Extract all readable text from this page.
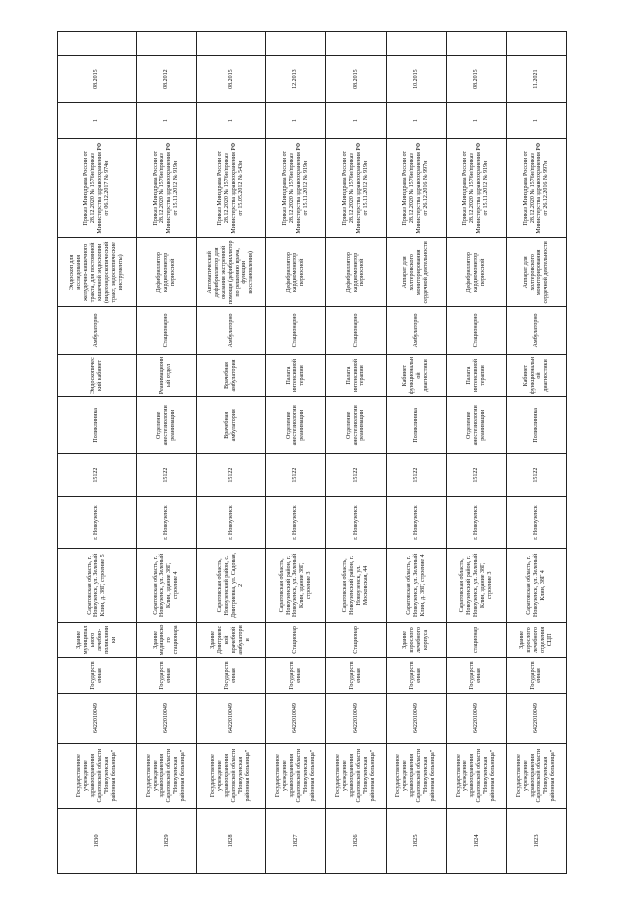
1830	Государственное учреждение здравоохранения Саратовской области "Новоузенская районная больница"	6422010049	Государственная	Здание муниципального лечебно-поликлиники	Саратовская область, г. Новоузенск, ул. Зеленый Клин, д. 38Г, строение 5	г. Новоузенск	15122	Поликлиника	Эндоскопический кабинет	Амбулаторно	Эндоскоп для исследования желудочно-кишечного тракта, для постоянной кишечной эндоскопии (видеоэндоскопический тракт, эндоскопические инструменты)	Приказ Минздрава России от 28.12.2020 № 1576н/приказ Министерства здравоохранения РФ от 06.12.2017 № 974н	1	08.2015	
1829	Государственное учреждение здравоохранения Саратовской области "Новоузенская районная больница"	6422010049	Государственная	Здание медицинского стационара	Саратовская область, г. Новоузенск, ул. Зеленый Клин, здание 38Г, строение 4	г. Новоузенск	15122	Отделение анестезиологии реанимации	Реанимационный отдел	Стационарно	Дефибриллятор кардиомонитор перносной	Приказ Минздрава России от 28.12.2020 № 1576н/приказ Министерства здравоохранения РФ от 15.11.2012 № 919н	1	08.2012	
1828	Государственное учреждение здравоохранения Саратовской области "Новоузенская районная больница"	6422010049	Государственная	Здание Дмитриевской врачебной амбулатории	Саратовская область, Новоузенский район, с. Дмитриевка, ул. Садовая, 2	г. Новоузенск	15122	Врачебная амбулатория	Врачебная амбулатория	Амбулаторно	Автоматический дефибриллятор для оказания экстренной помощи (дефибриллятор по решению врача, функции восстановления)	Приказ Минздрава России от 28.12.2020 № 1576н/приказ Министерства здравоохранения РФ от 15.05.2012 № 543н	1	08.2015	
1827	Государственное учреждение здравоохранения Саратовской области "Новоузенская районная больница"	6422010049	Государственная	Стационар	Саратовская область, Новоузенский район, г. Новоузенск, ул. Зеленый Клин, здание 38Г, строение 3	г. Новоузенск	15122	Отделение анестезиологии реанимации	Палата интенсивной терапии	Стационарно	Дефибриллятор кардиомонитор перносной	Приказ Минздрава России от 28.12.2020 № 1576н/приказ Министерства здравоохранения РФ от 15.11.2012 № 919н	1	12.2013	
1826	Государственное учреждение здравоохранения Саратовской области "Новоузенская районная больница"	6422010049	Государственная	Стационар	Саратовская область, Новоузенский район, г. Новоузенск, ул. Московская, 44	г. Новоузенск	15122	Отделение анестезиологии реанимации	Палата интенсивной терапии	Стационарно	Дефибриллятор кардиомонитор перносной	Приказ Минздрава России от 28.12.2020 № 1576н/приказ Министерства здравоохранения РФ от 15.11.2012 № 919н	1	08.2015	
1825	Государственное учреждение здравоохранения Саратовской области "Новоузенская районная больница"	6422010049	Государственная	Здание взрослого лечебного корпуса	Саратовская область, г. Новоузенск, ул. Зеленый Клин, д. 38Г, строение 4	г. Новоузенск	15122	Поликлиника	Кабинет функциональной диагностики	Амбулаторно	Аппарат для холтеровского мониторирования сердечной деятельности	Приказ Минздрава России от 28.12.2020 № 1576н/приказ Министерства здравоохранения РФ от 26.12.2016 № 997н	1	10.2015	
1824	Государственное учреждение здравоохранения Саратовской области "Новоузенская районная больница"	6422010049	Государственная	стационар	Саратовская область, Новоузенский район, г. Новоузенск, ул. Зеленый Клин, здание 38Г, строение 3	г. Новоузенск	15122	Отделение анестезиологии реанимации	Палата интенсивной терапии	Стационарно	Дефибриллятор кардиомонитор перносной	Приказ Минздрава России от 28.12.2020 № 1576н/приказ Министерства здравоохранения РФ от 15.11.2012 № 919н	1	08.2015	
1823	Государственное учреждение здравоохранения Саратовской области "Новоузенская районная больница"	6422010049	Государственная	Здание взрослого лечебного отделения СЦП	Саратовская область, г. Новоузенск, ул. Зеленый Клин, 38Г 4	г. Новоузенск	15122	Поликлиника	Кабинет функциональной диагностики	Амбулаторно	Аппарат для холтеровского мониторирования сердечной деятельности	Приказ Минздрава России от 28.12.2020 № 1576н/приказ Министерства здравоохранения РФ от 26.12.2016 № 997н	1	11.2021	
